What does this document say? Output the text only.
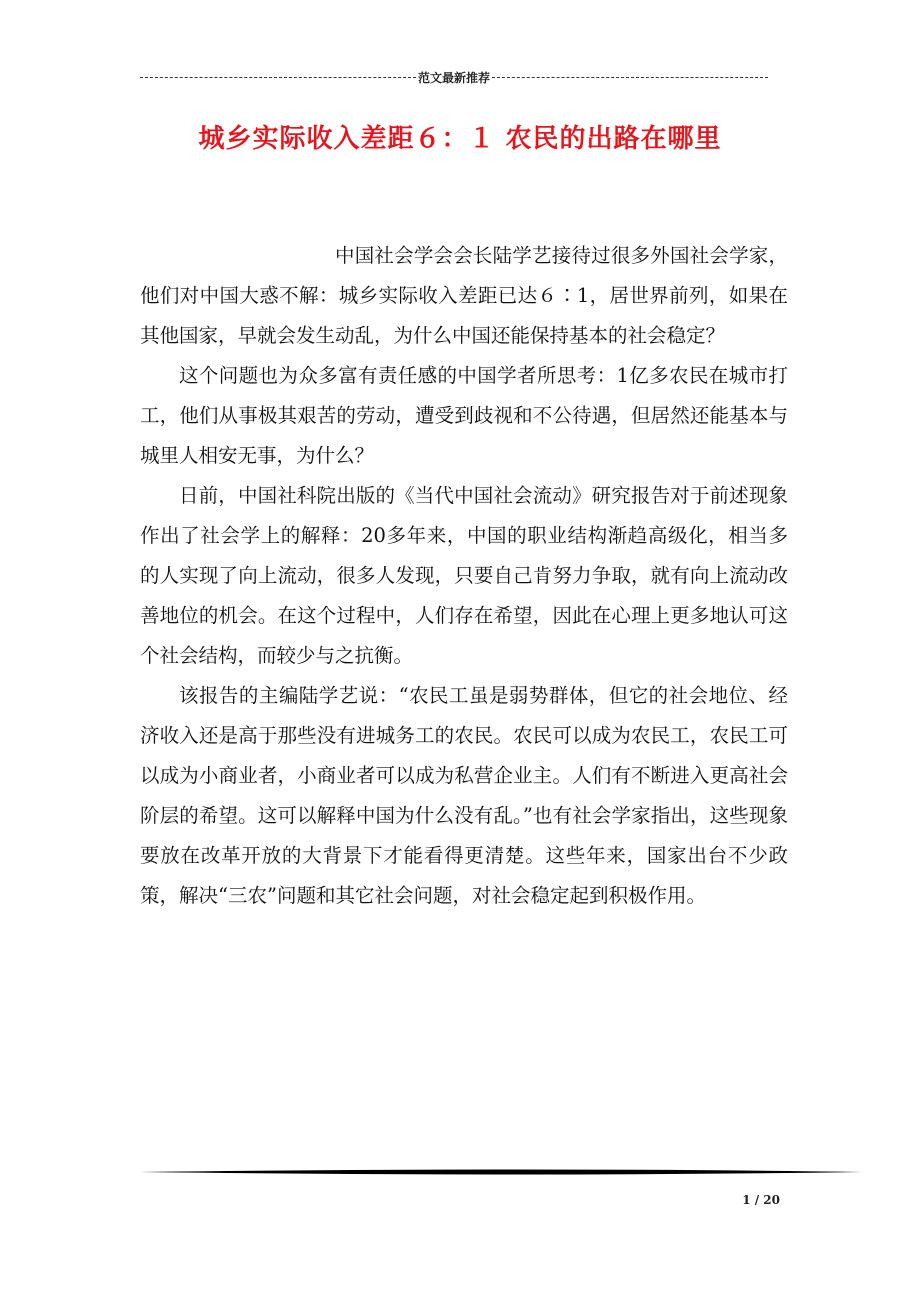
范文最新推荐
城乡实际收入差距６：１ 农民的出路在哪里

中国社会学会会长陆学艺接待过很多外国社会学家，他们对中国大惑不解：城乡实际收入差距已达６∶1，居世界前列，如果在其他国家，早就会发生动乱，为什么中国还能保持基本的社会稳定？

这个问题也为众多富有责任感的中国学者所思考：1亿多农民在城市打工，他们从事极其艰苦的劳动，遭受到歧视和不公待遇，但居然还能基本与城里人相安无事，为什么？

日前，中国社科院出版的《当代中国社会流动》研究报告对于前述现象作出了社会学上的解释：20多年来，中国的职业结构渐趋高级化，相当多的人实现了向上流动，很多人发现，只要自己肯努力争取，就有向上流动改善地位的机会。在这个过程中，人们存在希望，因此在心理上更多地认可这个社会结构，而较少与之抗衡。

该报告的主编陆学艺说：“农民工虽是弱势群体，但它的社会地位、经济收入还是高于那些没有进城务工的农民。农民可以成为农民工，农民工可以成为小商业者，小商业者可以成为私营企业主。人们有不断进入更高社会阶层的希望。这可以解释中国为什么没有乱。”也有社会学家指出，这些现象要放在改革开放的大背景下才能看得更清楚。这些年来，国家出台不少政策，解决“三农”问题和其它社会问题，对社会稳定起到积极作用。

1 / 20
